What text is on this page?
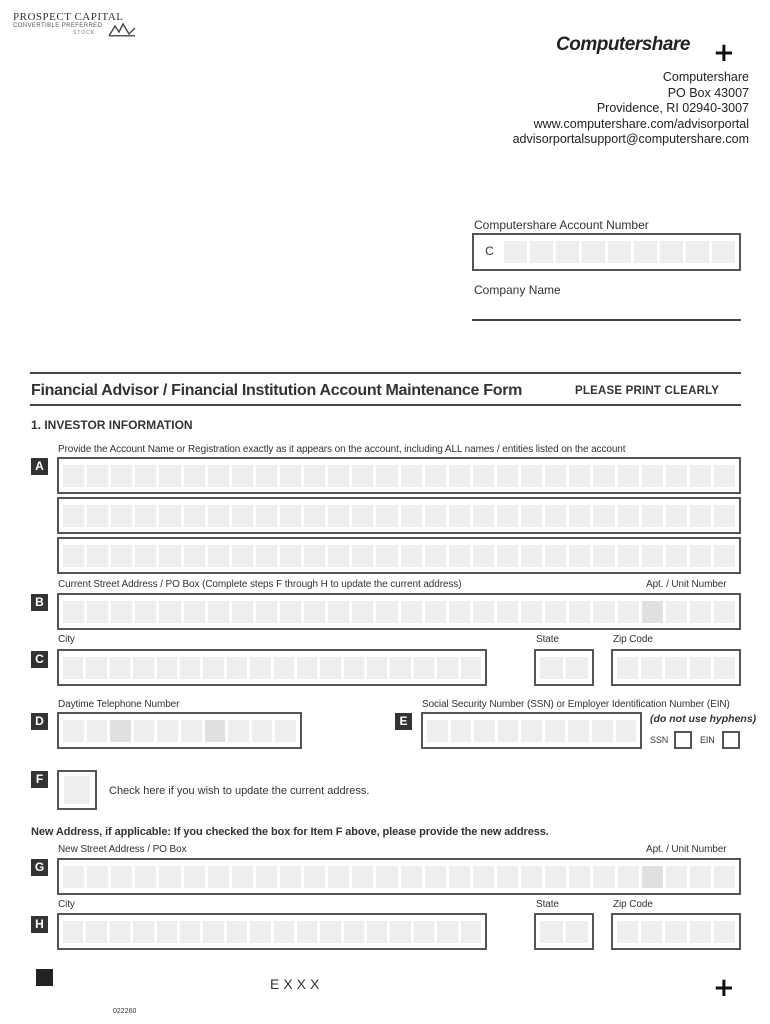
PROSPECT CAPITAL
CONVERTIBLE PREFERRED
STOCK
Computershare +
Computershare
PO Box 43007
Providence, RI 02940-3007
www.computershare.com/advisorportal
advisorportalsupport@computershare.com
Computershare Account Number
C
Company Name
Financial Advisor / Financial Institution Account Maintenance Form	PLEASE PRINT CLEARLY
1. INVESTOR INFORMATION
Provide the Account Name or Registration exactly as it appears on the account, including ALL names / entities listed on the account
A
Current Street Address / PO Box (Complete steps F through H to update the current address)	Apt. / Unit Number
B
City	State	Zip Code
C
Daytime Telephone Number
D
Social Security Number (SSN) or Employer Identification Number (EIN)
(do not use hyphens)
E
SSN	EIN
F
Check here if you wish to update the current address.
New Address, if applicable: If you checked the box for Item F above, please provide the new address.
New Street Address / PO Box	Apt. / Unit Number
G
City	State	Zip Code
H
EXXX	+
022260
